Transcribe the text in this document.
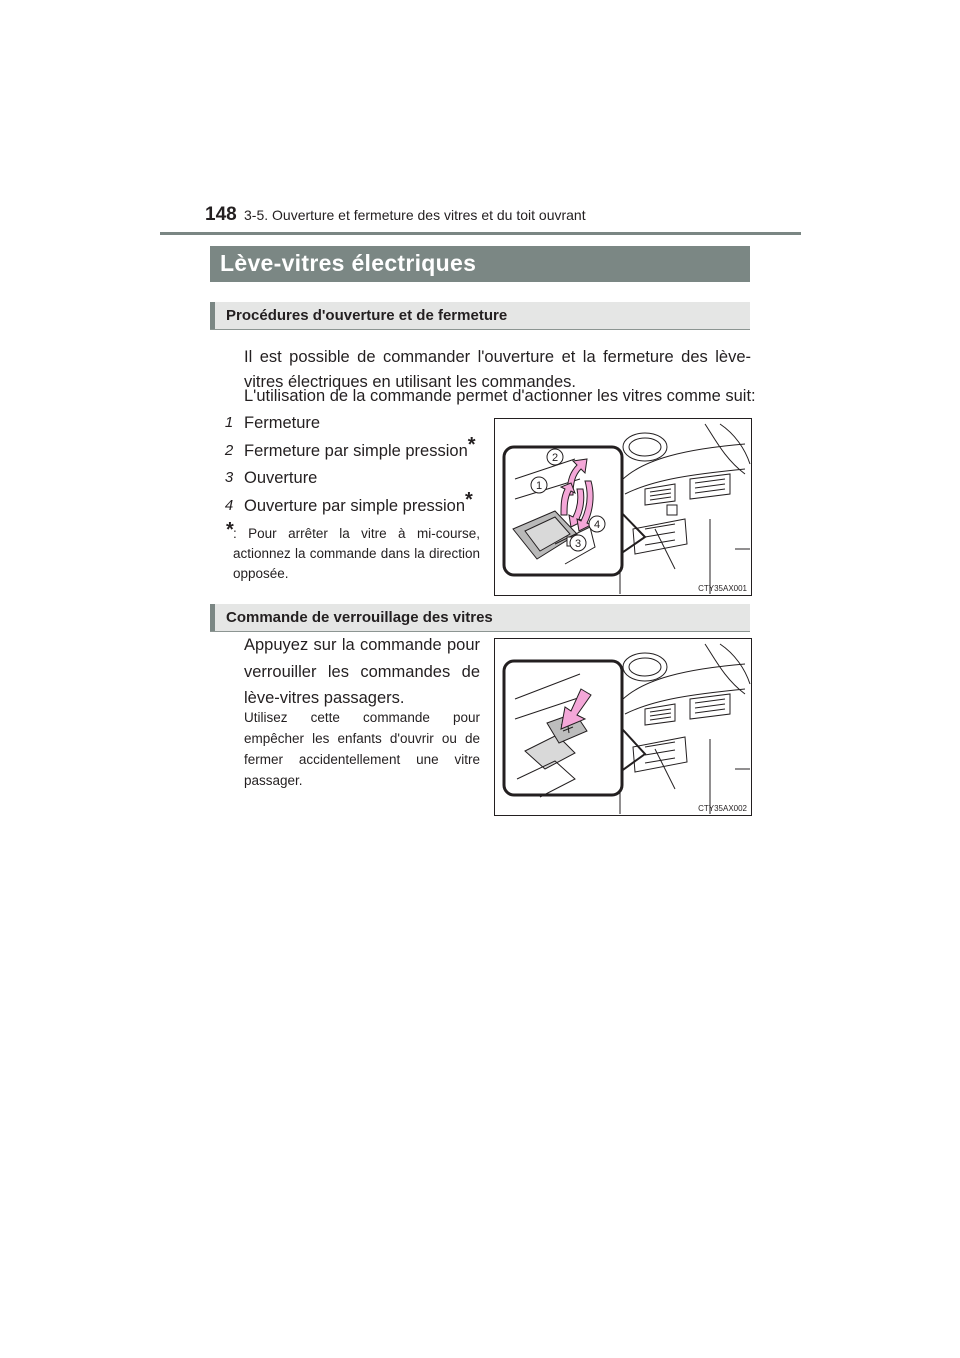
148 3-5. Ouverture et fermeture des vitres et du toit ouvrant
Lève-vitres électriques
Procédures d'ouverture et de fermeture
Il est possible de commander l'ouverture et la fermeture des lève-vitres électriques en utilisant les commandes.
L'utilisation de la commande permet d'actionner les vitres comme suit:
1 Fermeture
2 Fermeture par simple pression*
3 Ouverture
4 Ouverture par simple pression*
* : Pour arrêter la vitre à mi-course, actionnez la commande dans la direction opposée.
1
2
3
4
CTY35AX001
Commande de verrouillage des vitres
Appuyez sur la commande pour verrouiller les commandes de lève-vitres passagers.
Utilisez cette commande pour empêcher les enfants d'ouvrir ou de fermer accidentellement une vitre passager.
CTY35AX002
